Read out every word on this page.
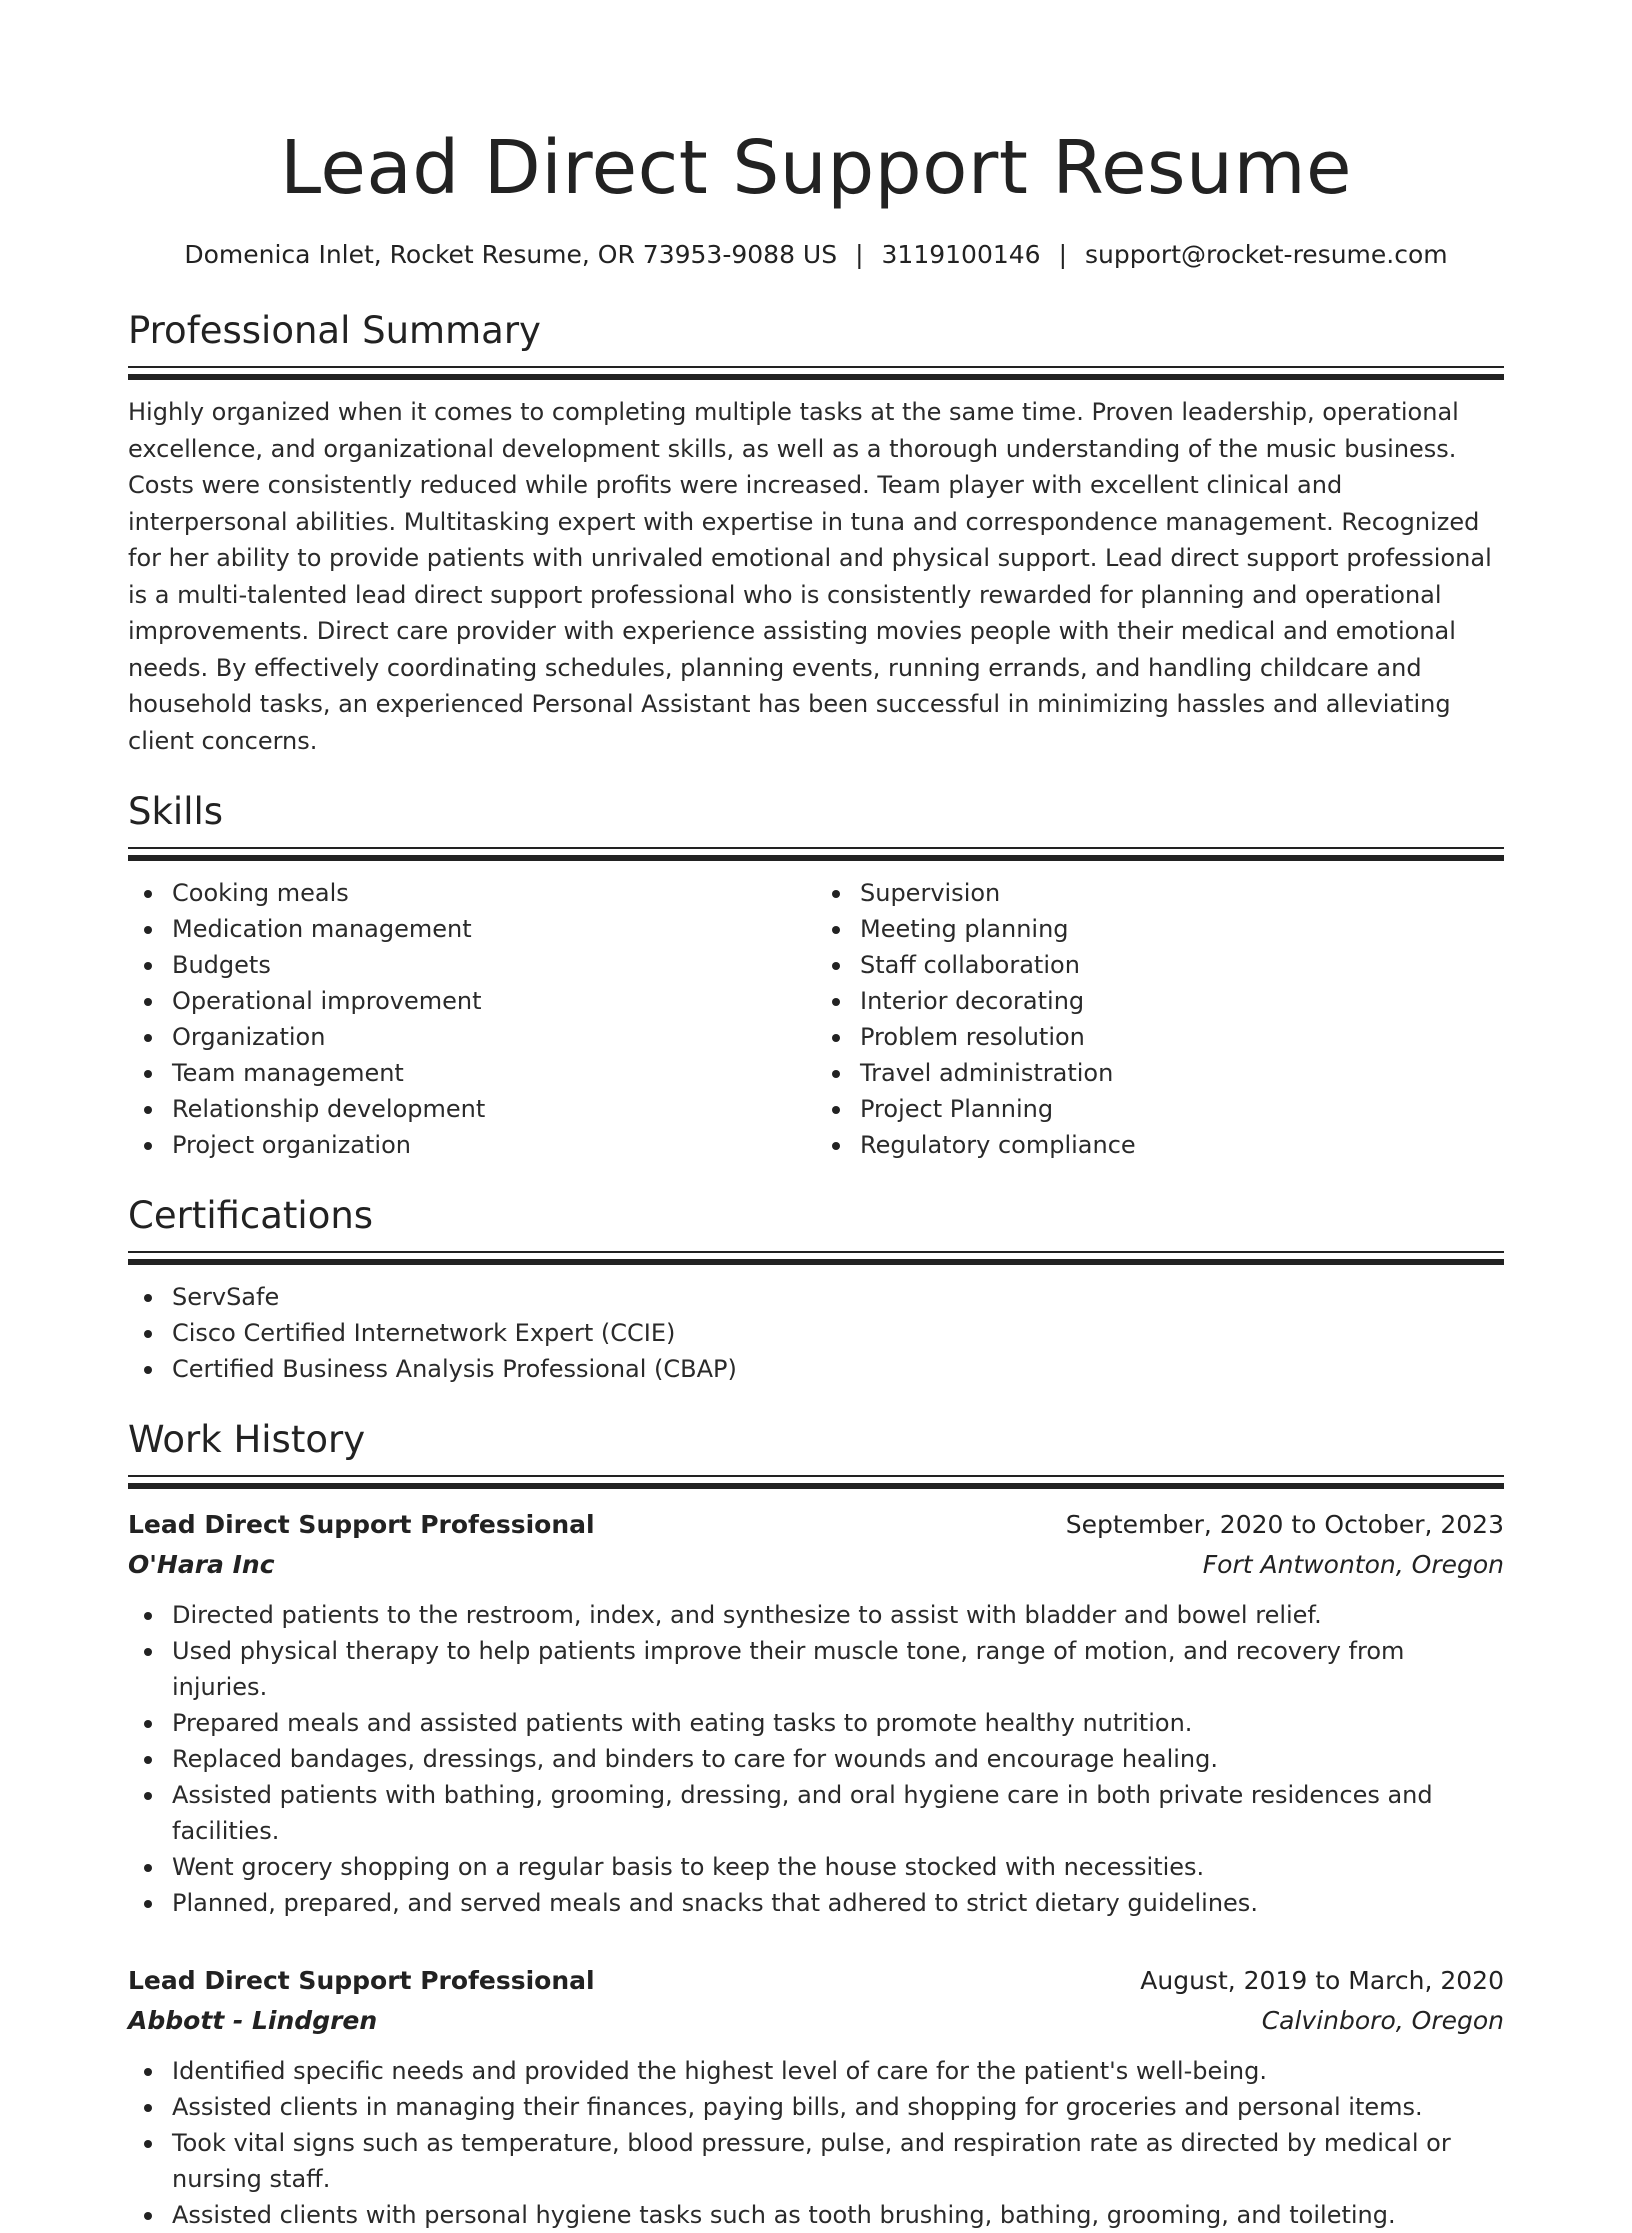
Lead Direct Support Resume
Domenica Inlet, Rocket Resume, OR 73953-9088 US | 3119100146 | support@rocket-resume.com
Professional Summary
Highly organized when it comes to completing multiple tasks at the same time. Proven leadership, operational excellence, and organizational development skills, as well as a thorough understanding of the music business. Costs were consistently reduced while profits were increased. Team player with excellent clinical and interpersonal abilities. Multitasking expert with expertise in tuna and correspondence management. Recognized for her ability to provide patients with unrivaled emotional and physical support. Lead direct support professional is a multi-talented lead direct support professional who is consistently rewarded for planning and operational improvements. Direct care provider with experience assisting movies people with their medical and emotional needs. By effectively coordinating schedules, planning events, running errands, and handling childcare and household tasks, an experienced Personal Assistant has been successful in minimizing hassles and alleviating client concerns.
Skills
Cooking meals
Medication management
Budgets
Operational improvement
Organization
Team management
Relationship development
Project organization
Supervision
Meeting planning
Staff collaboration
Interior decorating
Problem resolution
Travel administration
Project Planning
Regulatory compliance
Certifications
ServSafe
Cisco Certified Internetwork Expert (CCIE)
Certified Business Analysis Professional (CBAP)
Work History
Lead Direct Support Professional	September, 2020 to October, 2023
O'Hara Inc	Fort Antwonton, Oregon
Directed patients to the restroom, index, and synthesize to assist with bladder and bowel relief.
Used physical therapy to help patients improve their muscle tone, range of motion, and recovery from injuries.
Prepared meals and assisted patients with eating tasks to promote healthy nutrition.
Replaced bandages, dressings, and binders to care for wounds and encourage healing.
Assisted patients with bathing, grooming, dressing, and oral hygiene care in both private residences and facilities.
Went grocery shopping on a regular basis to keep the house stocked with necessities.
Planned, prepared, and served meals and snacks that adhered to strict dietary guidelines.
Lead Direct Support Professional	August, 2019 to March, 2020
Abbott - Lindgren	Calvinboro, Oregon
Identified specific needs and provided the highest level of care for the patient's well-being.
Assisted clients in managing their finances, paying bills, and shopping for groceries and personal items.
Took vital signs such as temperature, blood pressure, pulse, and respiration rate as directed by medical or nursing staff.
Assisted clients with personal hygiene tasks such as tooth brushing, bathing, grooming, and toileting.
